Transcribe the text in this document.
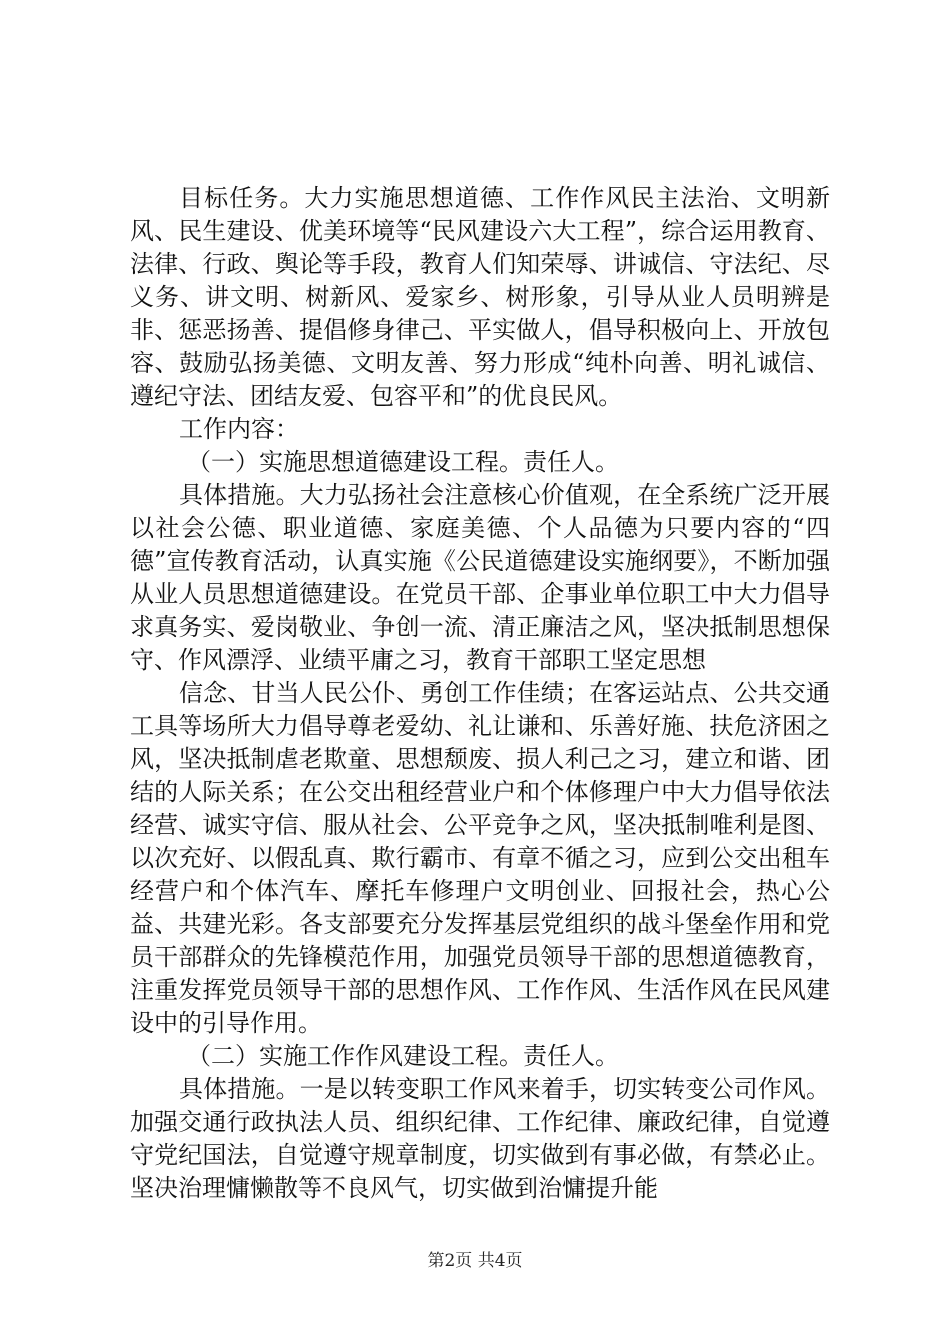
目标任务。大力实施思想道德、工作作风民主法治、文明新风、民生建设、优美环境等“民风建设六大工程”，综合运用教育、法律、行政、舆论等手段，教育人们知荣辱、讲诚信、守法纪、尽义务、讲文明、树新风、爱家乡、树形象，引导从业人员明辨是非、惩恶扬善、提倡修身律己、平实做人，倡导积极向上、开放包容、鼓励弘扬美德、文明友善、努力形成“纯朴向善、明礼诚信、遵纪守法、团结友爱、包容平和”的优良民风。

工作内容：

（一）实施思想道德建设工程。责任人。

具体措施。大力弘扬社会注意核心价值观，在全系统广泛开展以社会公德、职业道德、家庭美德、个人品德为只要内容的“四德”宣传教育活动，认真实施《公民道德建设实施纲要》，不断加强从业人员思想道德建设。在党员干部、企事业单位职工中大力倡导求真务实、爱岗敬业、争创一流、清正廉洁之风，坚决抵制思想保守、作风漂浮、业绩平庸之习，教育干部职工坚定思想

信念、甘当人民公仆、勇创工作佳绩；在客运站点、公共交通工具等场所大力倡导尊老爱幼、礼让谦和、乐善好施、扶危济困之风，坚决抵制虐老欺童、思想颓废、损人利己之习，建立和谐、团结的人际关系；在公交出租经营业户和个体修理户中大力倡导依法经营、诚实守信、服从社会、公平竞争之风，坚决抵制唯利是图、以次充好、以假乱真、欺行霸市、有章不循之习，应到公交出租车经营户和个体汽车、摩托车修理户文明创业、回报社会，热心公益、共建光彩。各支部要充分发挥基层党组织的战斗堡垒作用和党员干部群众的先锋模范作用，加强党员领导干部的思想道德教育，注重发挥党员领导干部的思想作风、工作作风、生活作风在民风建设中的引导作用。

（二）实施工作作风建设工程。责任人。

具体措施。一是以转变职工作风来着手，切实转变公司作风。加强交通行政执法人员、组织纪律、工作纪律、廉政纪律，自觉遵守党纪国法，自觉遵守规章制度，切实做到有事必做，有禁必止。坚决治理慵懒散等不良风气，切实做到治慵提升能

第2页 共4页
